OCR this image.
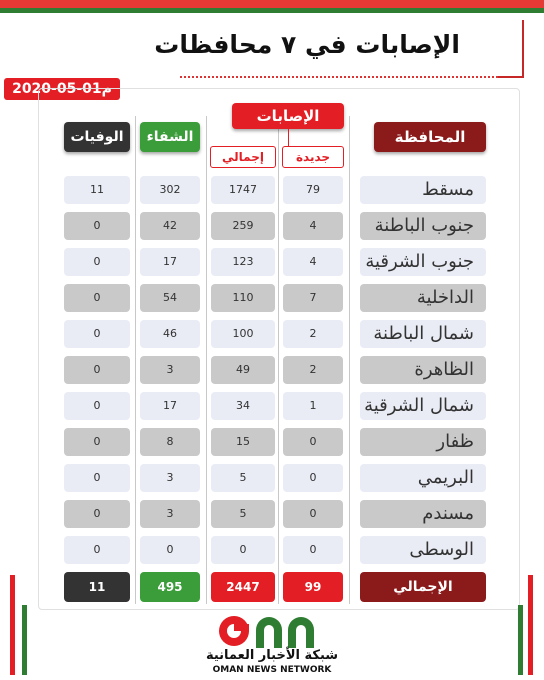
الإصابات في ٧ محافظات
2020-05-01م
المحافظة
الإصابات
جديدة
إجمالي
الشفاء
الوفيات
مسقط
79
1747
302
11
جنوب الباطنة
4
259
42
0
جنوب الشرقية
4
123
17
0
الداخلية
7
110
54
0
شمال الباطنة
2
100
46
0
الظاهرة
2
49
3
0
شمال الشرقية
1
34
17
0
ظفار
0
15
8
0
البريمي
0
5
3
0
مسندم
0
5
3
0
الوسطى
0
0
0
0
الإجمالي
99
2447
495
11
شبكة الأخبار العمانية
OMAN NEWS NETWORK
